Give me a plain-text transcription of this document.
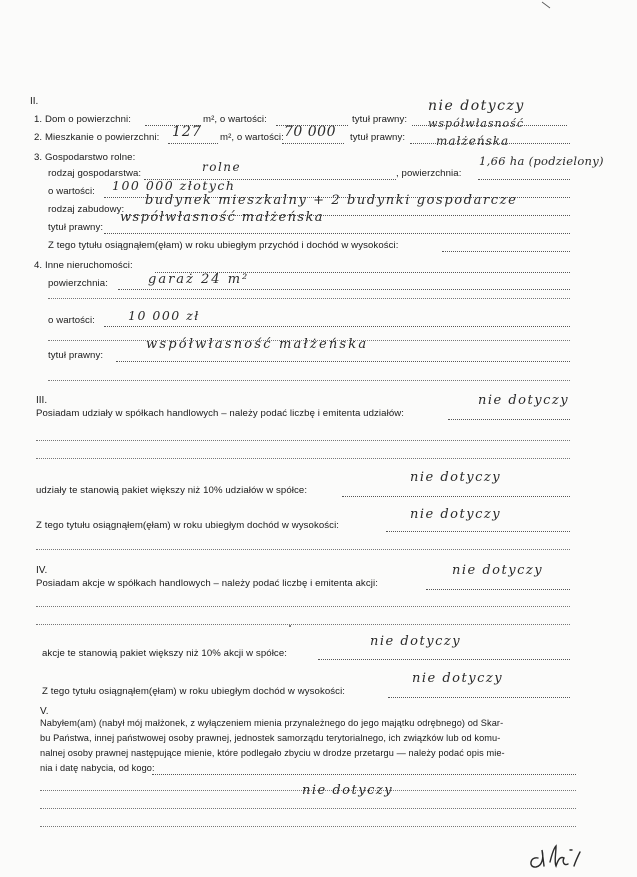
II.
1. Dom o powierzchni:	m², o wartości:	tytuł prawny:
nie dotyczy
2. Mieszkanie o powierzchni: 127 m², o wartości: 70 000 tytuł prawny:
współwłasność
małżeńska
3. Gospodarstwo rolne:
rodzaj gospodarstwa:	rolne	, powierzchnia:
1,66 ha (podzielony)
o wartości: 100 000 złotych
rodzaj zabudowy:
budynek mieszkalny + 2 budynki gospodarcze
tytuł prawny:
współwłasność małżeńska
Z tego tytułu osiągnąłem(ęłam) w roku ubiegłym przychód i dochód w wysokości:
4. Inne nieruchomości:
powierzchnia:	garaż 24 m²
o wartości:	10 000 zł
tytuł prawny:
współwłasność małżeńska
III.
Posiadam udziały w spółkach handlowych – należy podać liczbę i emitenta udziałów:
nie dotyczy
udziały te stanowią pakiet większy niż 10% udziałów w spółce:
nie dotyczy
Z tego tytułu osiągnąłem(ęłam) w roku ubiegłym dochód w wysokości:
nie dotyczy
IV.
Posiadam akcje w spółkach handlowych – należy podać liczbę i emitenta akcji:
nie dotyczy
akcje te stanowią pakiet większy niż 10% akcji w spółce:
nie dotyczy
Z tego tytułu osiągnąłem(ęłam) w roku ubiegłym dochód w wysokości:
nie dotyczy
V.
Nabyłem(am) (nabył mój małżonek, z wyłączeniem mienia przynależnego do jego majątku odrębnego) od Skar-
bu Państwa, innej państwowej osoby prawnej, jednostek samorządu terytorialnego, ich związków lub od komu-
nalnej osoby prawnej następujące mienie, które podlegało zbyciu w drodze przetargu — należy podać opis mie-
nia i datę nabycia, od kogo:
nie dotyczy
